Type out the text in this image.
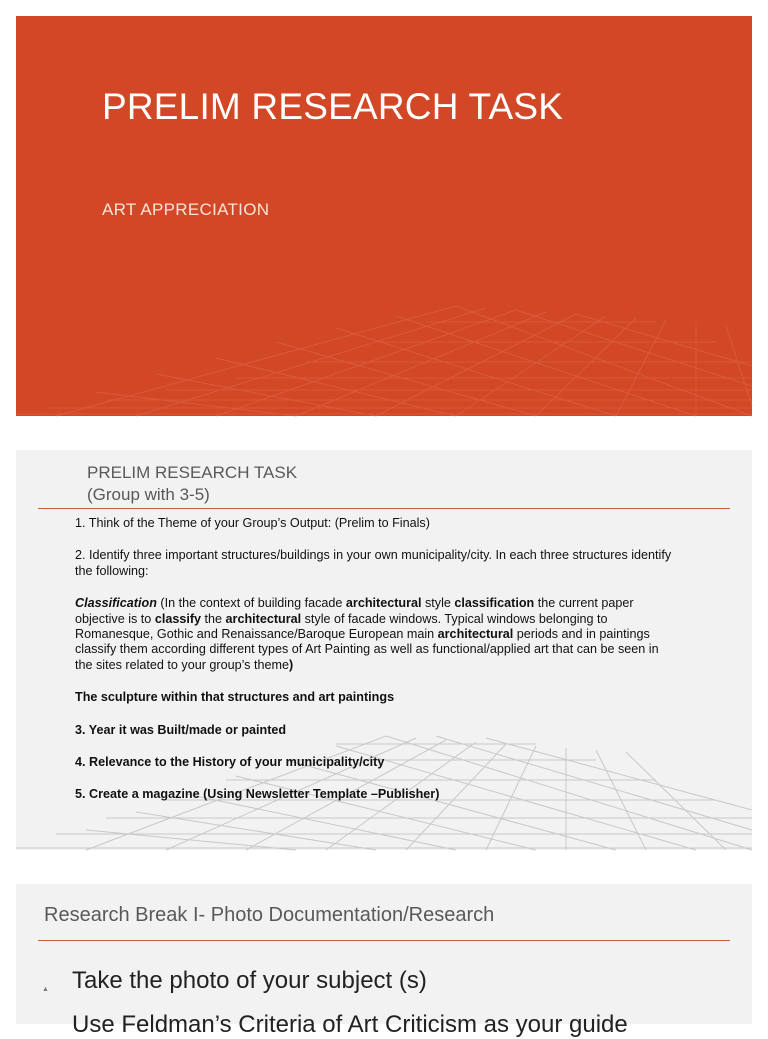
PRELIM RESEARCH TASK
ART APPRECIATION
PRELIM RESEARCH TASK
(Group with 3-5)

1. Think of the Theme of your Group’s Output: (Prelim to Finals)

2. Identify three important structures/buildings in your own municipality/city. In each three structures identify the following:

Classification (In the context of building facade architectural style classification the current paper objective is to classify the architectural style of facade windows. Typical windows belonging to Romanesque, Gothic and Renaissance/Baroque European main architectural periods and in paintings classify them according different types of Art Painting as well as functional/applied art that can be seen in the sites related to your group’s theme)

The sculpture within that structures and art paintings

3. Year it was Built/made or painted

4. Relevance to the History of your municipality/city

5. Create a magazine (Using Newsletter Template –Publisher)

Research Break I- Photo Documentation/Research
▲ Take the photo of your subject (s)
Use Feldman’s Criteria of Art Criticism as your guide
